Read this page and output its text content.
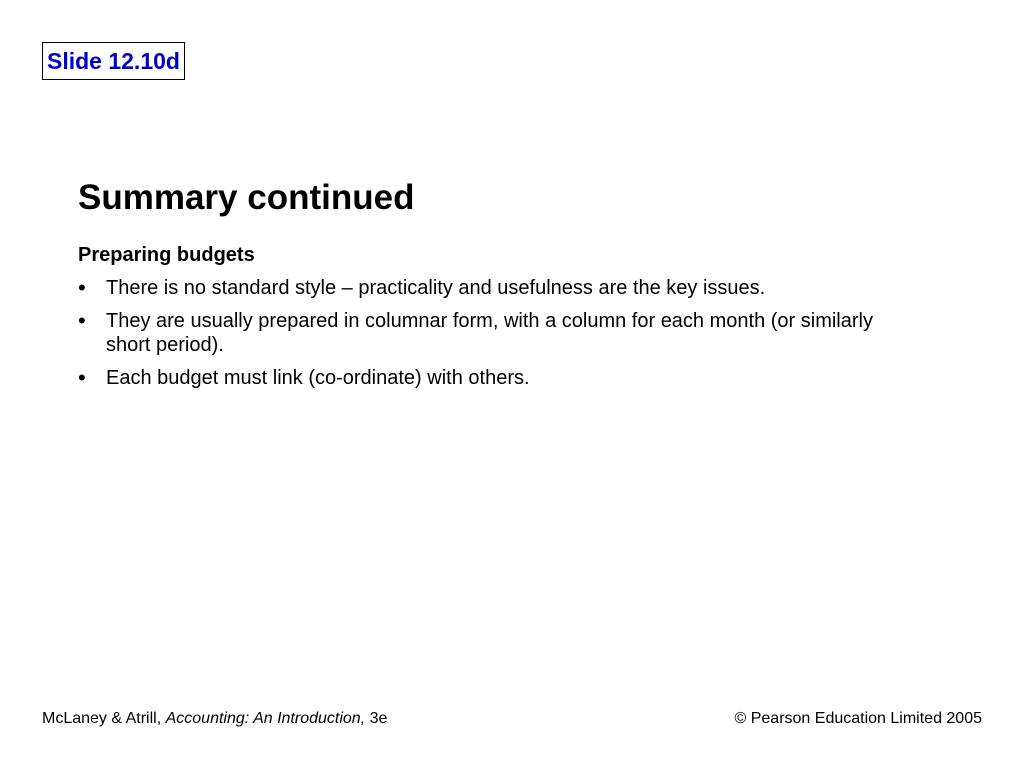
Slide 12.10d
Summary continued
Preparing budgets
•	There is no standard style – practicality and usefulness are the key issues.
•	They are usually prepared in columnar form, with a column for each month (or similarly short period).
•	Each budget must link (co-ordinate) with others.
McLaney & Atrill, Accounting: An Introduction, 3e	© Pearson Education Limited 2005
